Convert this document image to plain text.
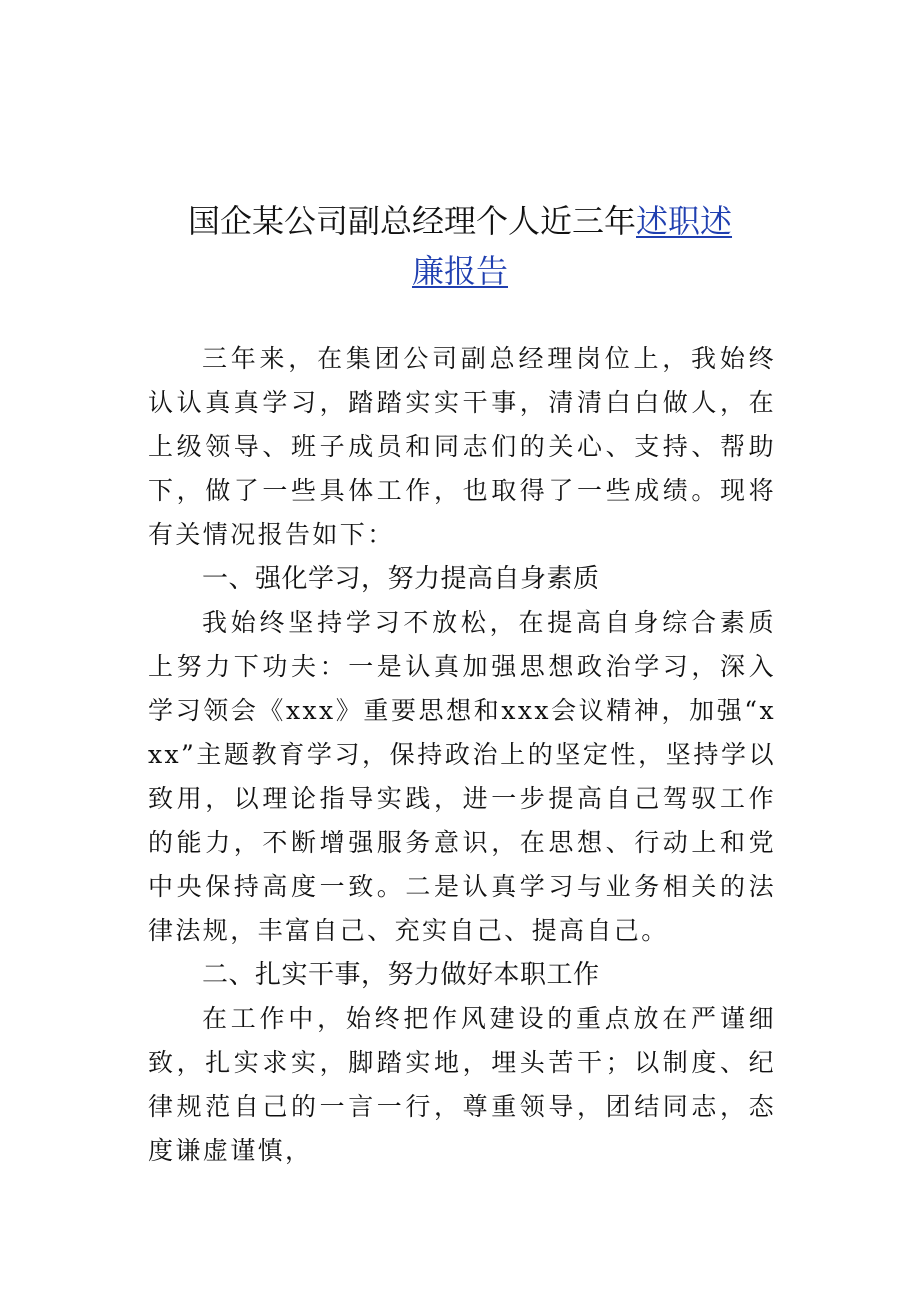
国企某公司副总经理个人近三年述职述
廉报告

三年来，在集团公司副总经理岗位上，我始终认认真真学习，踏踏实实干事，清清白白做人，在上级领导、班子成员和同志们的关心、支持、帮助下，做了一些具体工作，也取得了一些成绩。现将有关情况报告如下：

一、强化学习，努力提高自身素质

我始终坚持学习不放松，在提高自身综合素质上努力下功夫：一是认真加强思想政治学习，深入学习领会《xxx》重要思想和xxx会议精神，加强“xxx”主题教育学习，保持政治上的坚定性，坚持学以致用，以理论指导实践，进一步提高自己驾驭工作的能力，不断增强服务意识，在思想、行动上和党中央保持高度一致。二是认真学习与业务相关的法律法规，丰富自己、充实自己、提高自己。

二、扎实干事，努力做好本职工作

在工作中，始终把作风建设的重点放在严谨细致，扎实求实，脚踏实地，埋头苦干；以制度、纪律规范自己的一言一行，尊重领导，团结同志，态度谦虚谨慎，
